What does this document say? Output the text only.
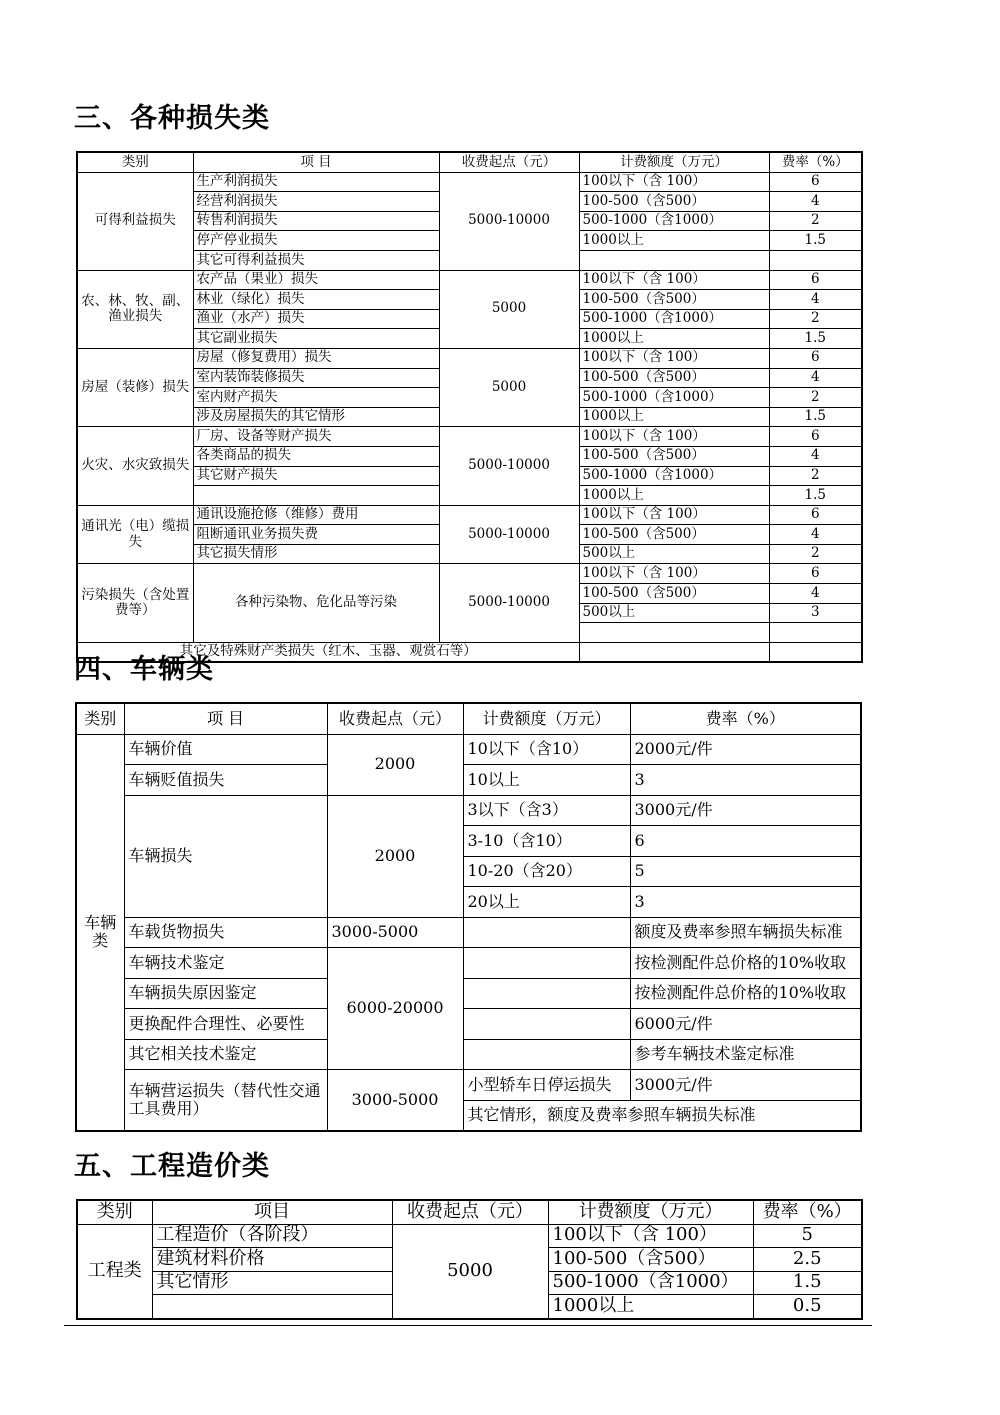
三、各种损失类
类别	项 目	收费起点（元）	计费额度（万元）	费率（%）
可得利益损失	生产利润损失	5000-10000	100以下（含 100）	6
	经营利润损失		100-500（含500）	4
	转售利润损失		500-1000（含1000）	2
	停产停业损失		1000以上	1.5
	其它可得利益损失			
农、林、牧、副、渔业损失	农产品（果业）损失	5000	100以下（含 100）	6
	林业（绿化）损失		100-500（含500）	4
	渔业（水产）损失		500-1000（含1000）	2
	其它副业损失		1000以上	1.5
房屋（装修）损失	房屋（修复费用）损失	5000	100以下（含 100）	6
	室内装饰装修损失		100-500（含500）	4
	室内财产损失		500-1000（含1000）	2
	涉及房屋损失的其它情形		1000以上	1.5
火灾、水灾致损失	厂房、设备等财产损失	5000-10000	100以下（含 100）	6
	各类商品的损失		100-500（含500）	4
	其它财产损失		500-1000（含1000）	2
			1000以上	1.5
通讯光（电）缆损失	通讯设施抢修（维修）费用	5000-10000	100以下（含 100）	6
	阻断通讯业务损失费		100-500（含500）	4
	其它损失情形		500以上	2
污染损失（含处置费等）	各种污染物、危化品等污染	5000-10000	100以下（含 100）	6
			100-500（含500）	4
			500以上	3

其它及特殊财产类损失（红木、玉器、观赏石等）				
四、车辆类
类别	项 目	收费起点（元）	计费额度（万元）	费率（%）
车辆类	车辆价值	2000	10以下（含10）	2000元/件
	车辆贬值损失		10以上	3
	车辆损失	2000	3以下（含3）	3000元/件
			3-10（含10）	6
			10-20（含20）	5
			20以上	3
	车载货物损失	3000-5000		额度及费率参照车辆损失标准
	车辆技术鉴定	6000-20000		按检测配件总价格的10%收取
	车辆损失原因鉴定			按检测配件总价格的10%收取
	更换配件合理性、必要性			6000元/件
	其它相关技术鉴定			参考车辆技术鉴定标准
	车辆营运损失（替代性交通工具费用）	3000-5000	小型轿车日停运损失	3000元/件
			其它情形，额度及费率参照车辆损失标准	
五、工程造价类
类别	项目	收费起点（元）	计费额度（万元）	费率（%）
工程类	工程造价（各阶段）	5000	100以下（含 100）	5
	建筑材料价格		100-500（含500）	2.5
	其它情形		500-1000（含1000）	1.5
			1000以上	0.5
